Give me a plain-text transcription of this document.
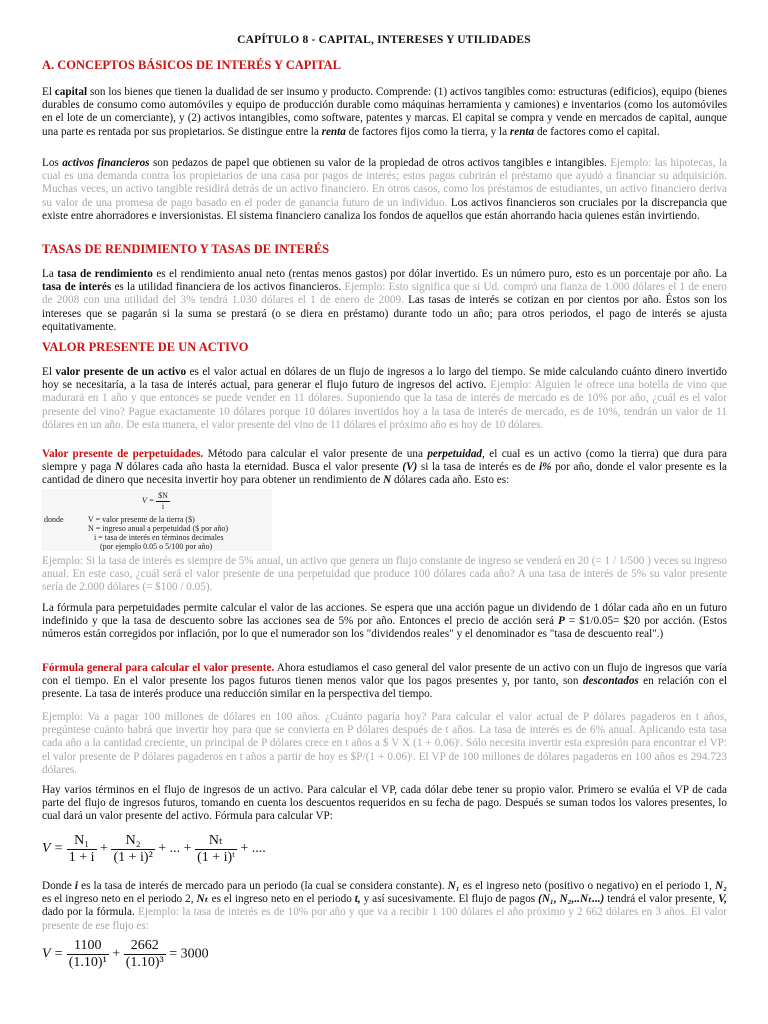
CAPÍTULO 8 - CAPITAL, INTERESES Y UTILIDADES
A. CONCEPTOS BÁSICOS DE INTERÉS Y CAPITAL

El capital son los bienes que tienen la dualidad de ser insumo y producto. Comprende: (1) activos tangibles como: estructuras (edificios), equipo (bienes durables de consumo como automóviles y equipo de producción durable como máquinas herramienta y camiones) e inventarios (como los automóviles en el lote de un comerciante), y (2) activos intangibles, como software, patentes y marcas. El capital se compra y vende en mercados de capital, aunque una parte es rentada por sus propietarios. Se distingue entre la renta de factores fijos como la tierra, y la renta de factores como el capital.

Los activos financieros son pedazos de papel que obtienen su valor de la propiedad de otros activos tangibles e intangibles. Ejemplo: las hipotecas, la cual es una demanda contra los propietarios de una casa por pagos de interés; estos pagos cubrirán el préstamo que ayudó a financiar su adquisición. Muchas veces, un activo tangible residirá detrás de un activo financiero. En otros casos, como los préstamos de estudiantes, un activo financiero deriva su valor de una promesa de pago basado en el poder de ganancia futuro de un individuo. Los activos financieros son cruciales por la discrepancia que existe entre ahorradores e inversionistas. El sistema financiero canaliza los fondos de aquellos que están ahorrando hacia quienes están invirtiendo.

TASAS DE RENDIMIENTO Y TASAS DE INTERÉS

La tasa de rendimiento es el rendimiento anual neto (rentas menos gastos) por dólar invertido. Es un número puro, esto es un porcentaje por año. La tasa de interés es la utilidad financiera de los activos financieros. Ejemplo: Esto significa que si Ud. compró una fianza de 1.000 dólares el 1 de enero de 2008 con una utilidad del 3% tendrá 1.030 dólares el 1 de enero de 2009. Las tasas de interés se cotizan en por cientos por año. Éstos son los intereses que se pagarán si la suma se prestará (o se diera en préstamo) durante todo un año; para otros periodos, el pago de interés se ajusta equitativamente.

VALOR PRESENTE DE UN ACTIVO

El valor presente de un activo es el valor actual en dólares de un flujo de ingresos a lo largo del tiempo. Se mide calculando cuánto dinero invertido hoy se necesitaría, a la tasa de interés actual, para generar el flujo futuro de ingresos del activo. Ejemplo: Alguien le ofrece una botella de vino que madurará en 1 año y que entonces se puede vender en 11 dólares. Suponiendo que la tasa de interés de mercado es de 10% por año, ¿cuál es el valor presente del vino? Pague exactamente 10 dólares porque 10 dólares invertidos hoy a la tasa de interés de mercado, es de 10%, tendrán un valor de 11 dólares en un año. De esta manera, el valor presente del vino de 11 dólares el próximo año es hoy de 10 dólares.

Valor presente de perpetuidades. Método para calcular el valor presente de una perpetuidad, el cual es un activo (como la tierra) que dura para siempre y paga N dólares cada año hasta la eternidad. Busca el valor presente (V) si la tasa de interés es de i% por año, donde el valor presente es la cantidad de dinero que necesita invertir hoy para obtener un rendimiento de N dólares cada año. Esto es:

$V = \frac{\$N}{i}$
donde	V = valor presente de la tierra ($)
N = ingreso anual a perpetuidad ($ por año)
i = tasa de interés en términos decimales
(por ejemplo 0.05 o 5/100 por año)

Ejemplo: Si la tasa de interés es siempre de 5% anual, un activo que genera un flujo constante de ingreso se venderá en 20 (= 1 / 1/500 ) veces su ingreso anual. En este caso, ¿cuál será el valor presente de una perpetuidad que produce 100 dólares cada año? A una tasa de interés de 5% su valor presente sería de 2.000 dólares (= $100 / 0.05).

La fórmula para perpetuidades permite calcular el valor de las acciones. Se espera que una acción pague un dividendo de 1 dólar cada año en un futuro indefinido y que la tasa de descuento sobre las acciones sea de 5% por año. Entonces el precio de acción será P = $1/0.05= $20 por acción. (Estos números están corregidos por inflación, por lo que el numerador son los "dividendos reales" y el denominador es "tasa de descuento real".)

Fórmula general para calcular el valor presente. Ahora estudiamos el caso general del valor presente de un activo con un flujo de ingresos que varía con el tiempo. En el valor presente los pagos futuros tienen menos valor que los pagos presentes y, por tanto, son descontados en relación con el presente. La tasa de interés produce una reducción similar en la perspectiva del tiempo.

Ejemplo: Va a pagar 100 millones de dólares en 100 años. ¿Cuánto pagaría hoy? Para calcular el valor actual de P dólares pagaderos en t años, pregúntese cuánto habrá que invertir hoy para que se convierta en P dólares después de t años. La tasa de interés es de 6% anual. Aplicando esta tasa cada año a la cantidad creciente, un principal de P dólares crece en t años a $ V X (1 + 0.06)ᵗ. Sólo necesita invertir esta expresión para encontrar el VP: el valor presente de P dólares pagaderos en t años a partir de hoy es $P/(1 + 0.06)ᵗ. El VP de 100 millones de dólares pagaderos en 100 años es 294.723 dólares.

Hay varios términos en el flujo de ingresos de un activo. Para calcular el VP, cada dólar debe tener su propio valor. Primero se evalúa el VP de cada parte del flujo de ingresos futuros, tomando en cuenta los descuentos requeridos en su fecha de pago. Después se suman todos los valores presentes, lo cual dará un valor presente del activo. Fórmula para calcular VP:

$V = \frac{\text{N₁}}{1 + i} + \frac{\text{N₂}}{\text{(1 + i)²}}$ + ... + $\frac{\text{Nₜ}}{\text{(1 + i)ᵗ}}$ + ....

Donde i es la tasa de interés de mercado para un periodo (la cual se considera constante). N₁ es el ingreso neto (positivo o negativo) en el periodo 1, N₂ es el ingreso neto en el periodo 2, Nₜ es el ingreso neto en el periodo t, y así sucesivamente. El flujo de pagos (N₁, N₂,..Nₜ...) tendrá el valor presente, V, dado por la fórmula. Ejemplo: la tasa de interés es de 10% por año y que va a recibir 1 100 dólares el año próximo y 2 662 dólares en 3 años. El valor presente de ese flujo es:

$V = \frac{1100}{\text{(1.10)¹}} + \frac{2662}{\text{(1.10)³}} = 3000$
